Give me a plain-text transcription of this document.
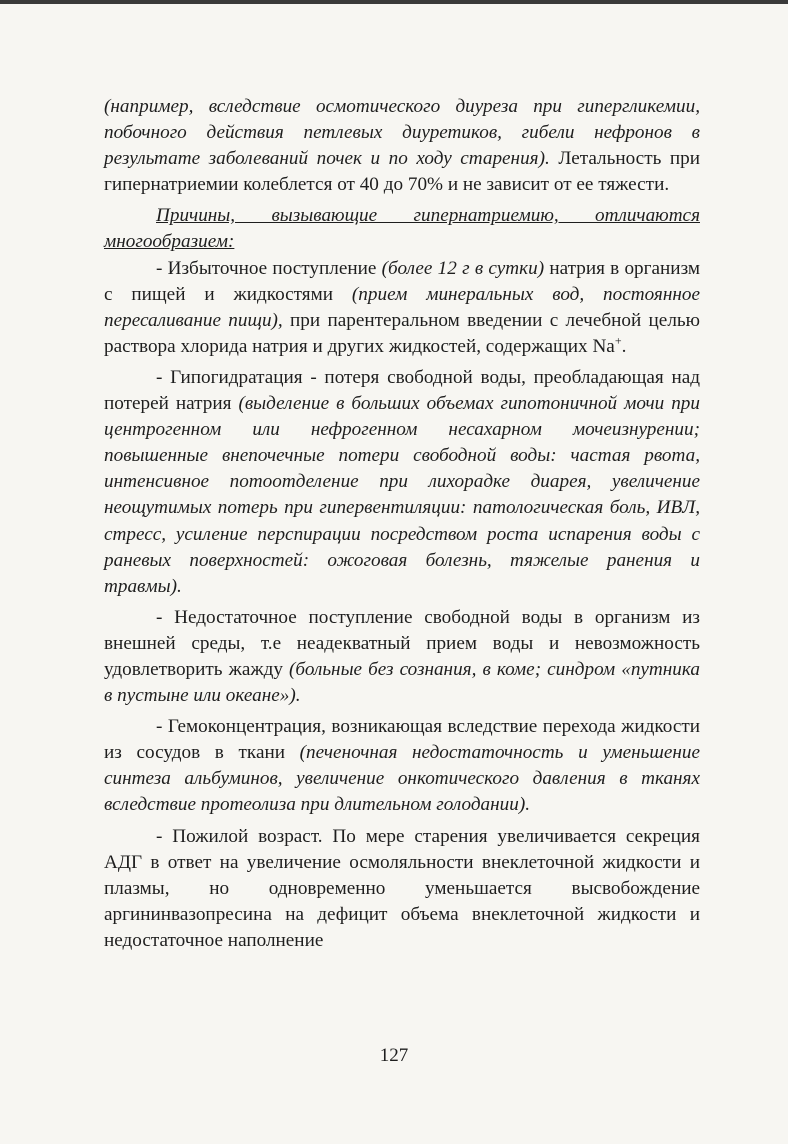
(например, вследствие осмотического диуреза при гипергликемии, побочного действия петлевых диуретиков, гибели нефронов в результате заболеваний почек и по ходу старения). Летальность при гипернатриемии колеблется от 40 до 70% и не зависит от ее тяжести.

Причины, вызывающие гипернатриемию, отличаются многообразием:

- Избыточное поступление (более 12 г в сутки) натрия в организм с пищей и жидкостями (прием минеральных вод, постоянное пересаливание пищи), при парентеральном введении с лечебной целью раствора хлорида натрия и других жидкостей, содержащих Na+.

- Гипогидратация - потеря свободной воды, преобладающая над потерей натрия (выделение в больших объемах гипотоничной мочи при центрогенном или нефрогенном несахарном мочеизнурении; повышенные внепочечные потери свободной воды: частая рвота, интенсивное потоотделение при лихорадке диарея, увеличение неощутимых потерь при гипервентиляции: патологическая боль, ИВЛ, стресс, усиление перспирации посредством роста испарения воды с раневых поверхностей: ожоговая болезнь, тяжелые ранения и травмы).

- Недостаточное поступление свободной воды в организм из внешней среды, т.е неадекватный прием воды и невозможность удовлетворить жажду (больные без сознания, в коме; синдром «путника в пустыне или океане»).

- Гемоконцентрация, возникающая вследствие перехода жидкости из сосудов в ткани (печеночная недостаточность и уменьшение синтеза альбуминов, увеличение онкотического давления в тканях вследствие протеолиза при длительном голодании).

- Пожилой возраст. По мере старения увеличивается секреция АДГ в ответ на увеличение осмоляльности внеклеточной жидкости и плазмы, но одновременно уменьшается высвобождение аргининвазопресина на дефицит объема внеклеточной жидкости и недостаточное наполнение

127
